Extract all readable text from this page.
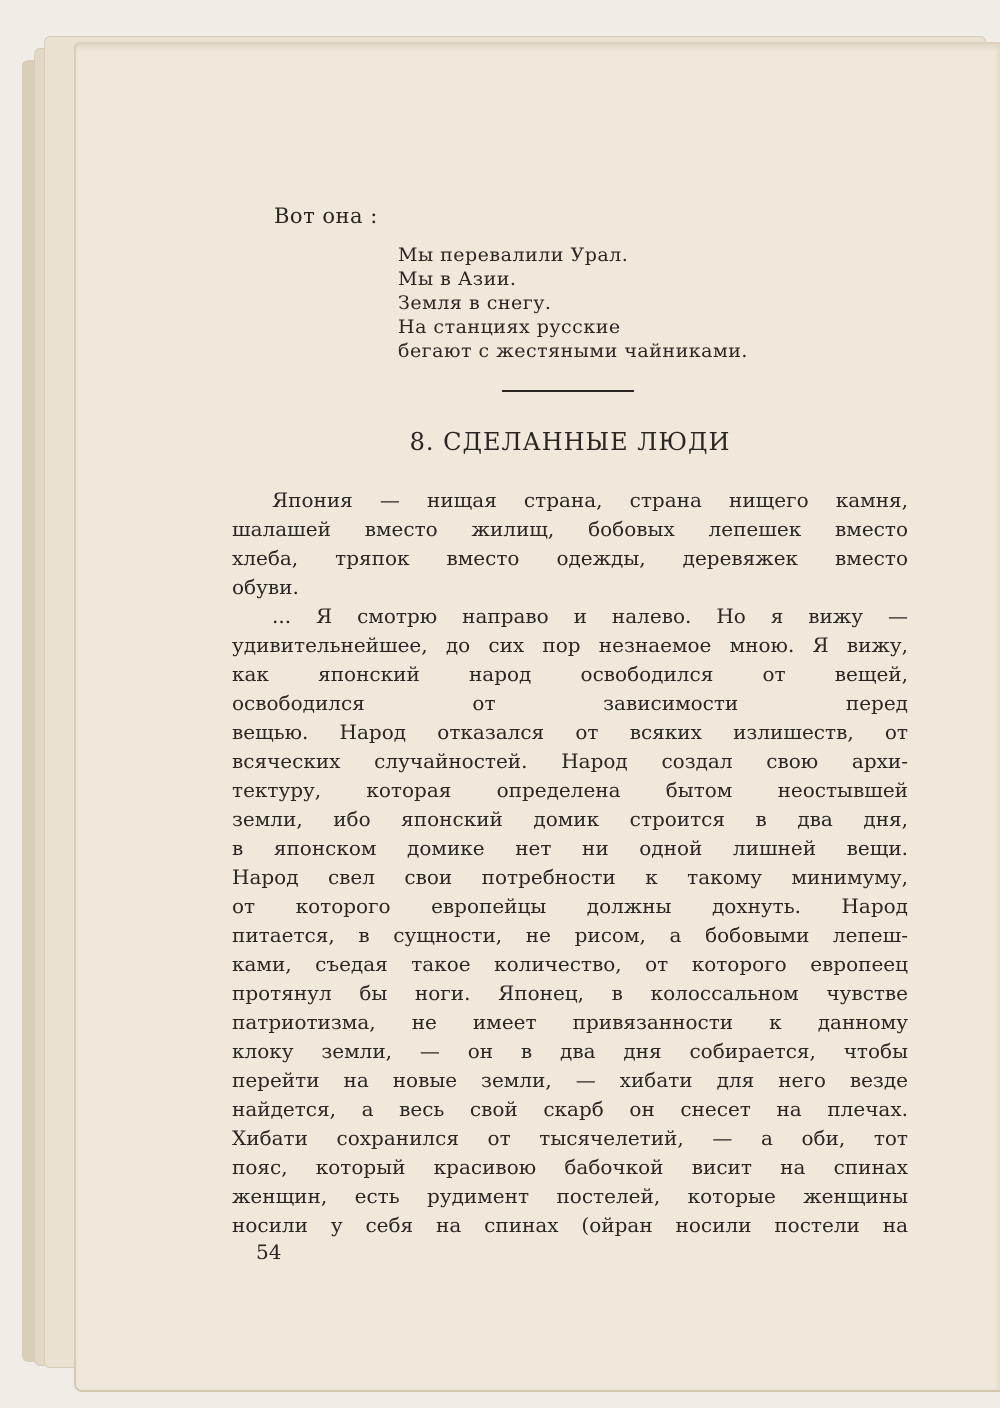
Вот она :

Мы перевалили Урал.
Мы в Азии.
Земля в снегу.
На станциях русские
бегают с жестяными чайниками.
8. СДЕЛАННЫЕ ЛЮДИ
Япония — нищая страна, страна нищего камня,
шалашей вместо жилищ, бобовых лепешек вместо
хлеба, тряпок вместо одежды, деревяжек вместо
обуви.
... Я смотрю направо и налево. Но я вижу —
удивительнейшее, до сих пор незнаемое мною. Я вижу,
как японский народ освободился от вещей,
освободился от зависимости перед
вещью. Народ отказался от всяких излишеств, от
всяческих случайностей. Народ создал свою архи-
тектуру, которая определена бытом неостывшей
земли, ибо японский домик строится в два дня,
в японском домике нет ни одной лишней вещи.
Народ свел свои потребности к такому минимуму,
от которого европейцы должны дохнуть. Народ
питается, в сущности, не рисом, а бобовыми лепеш-
ками, съедая такое количество, от которого европеец
протянул бы ноги. Японец, в колоссальном чувстве
патриотизма, не имеет привязанности к данному
клоку земли, — он в два дня собирается, чтобы
перейти на новые земли, — хибати для него везде
найдется, а весь свой скарб он снесет на плечах.
Хибати сохранился от тысячелетий, — а оби, тот
пояс, который красивою бабочкой висит на спинах
женщин, есть рудимент постелей, которые женщины
носили у себя на спинах (ойран носили постели на

54
